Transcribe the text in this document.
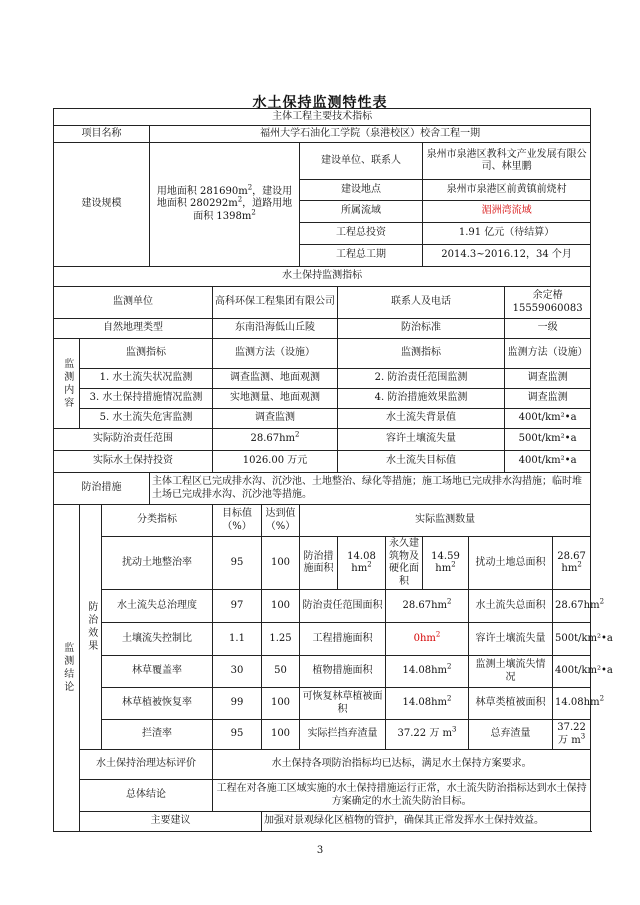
水土保持监测特性表
主体工程主要技术指标												
项目名称			福州大学石油化工学院（泉港校区）校舍工程一期									
建设规模			用地面积 $281690m^2$，建设用地面积 $280292m^2$，道路用地面积 $1398m^2$			建设单位、联系人			泉州市泉港区教科文产业发展有限公司、林里鹏			
						建设地点			泉州市泉港区前黄镇前烧村			
						所属流域			湄洲湾流域			
						工程总投资			1.91 亿元（待结算）			
						工程总工期			2014.3~2016.12，34 个月			
水土保持监测指标												
监测单位				高科环保工程集团有限公司			联系人及电话				余定椿 15559060083	
自然地理类型				东南沿海低山丘陵			防治标准				一级	
监测内容	监测指标			监测方法（设施）			监测指标				监测方法（设施）	
	1. 水土流失状况监测			调查监测、地面观测			2. 防治责任范围监测				调查监测	
	3. 水土保持措施情况监测			实地测量、地面观测			4. 防治措施效果监测				调查监测	
	5. 水土流失危害监测			调查监测			水土流失背景值				400t/km²•a	
实际防治责任范围				$28.67hm^2$			容许土壤流失量				500t/km²•a	
实际水土保持投资				1026.00 万元			水土流失目标值				400t/km²•a	
防治措施			主体工程区已完成排水沟、沉沙池、土地整治、绿化等措施；施工场地已完成排水沟措施；临时堆土场已完成排水沟、沉沙池等措施。									
监测结论	防治效果	分类指标		目标值（%）	达到值（%）	实际监测数量						
		扰动土地整治率		95	100	防治措施面积	14.08 $hm^2$	永久建筑物及硬化面积	14.59 $hm^2$	扰动土地总面积		28.67 $hm^2$
		水土流失总治理度		97	100	防治责任范围面积		$28.67hm^2$		水土流失总面积		$28.67hm^2$
		土壤流失控制比		1.1	1.25	工程措施面积		$0hm^2$		容许土壤流失量		500t/km²•a
		林草覆盖率		30	50	植物措施面积		$14.08hm^2$		监测土壤流失情况		400t/km²•a
		林草植被恢复率		99	100	可恢复林草植被面积		$14.08hm^2$		林草类植被面积		$14.08hm^2$
		拦渣率		95	100	实际拦挡弃渣量		37.22 万 $m^3$		总弃渣量		37.22 万 $m^3$
	水土保持治理达标评价			水土保持各项防治指标均已达标，满足水土保持方案要求。								
	总体结论			工程在对各施工区域实施的水土保持措施运行正常，水土流失防治指标达到水土保持方案确定的水土流失防治目标。								
	主要建议				加强对景观绿化区植物的管护，确保其正常发挥水土保持效益。							
3
